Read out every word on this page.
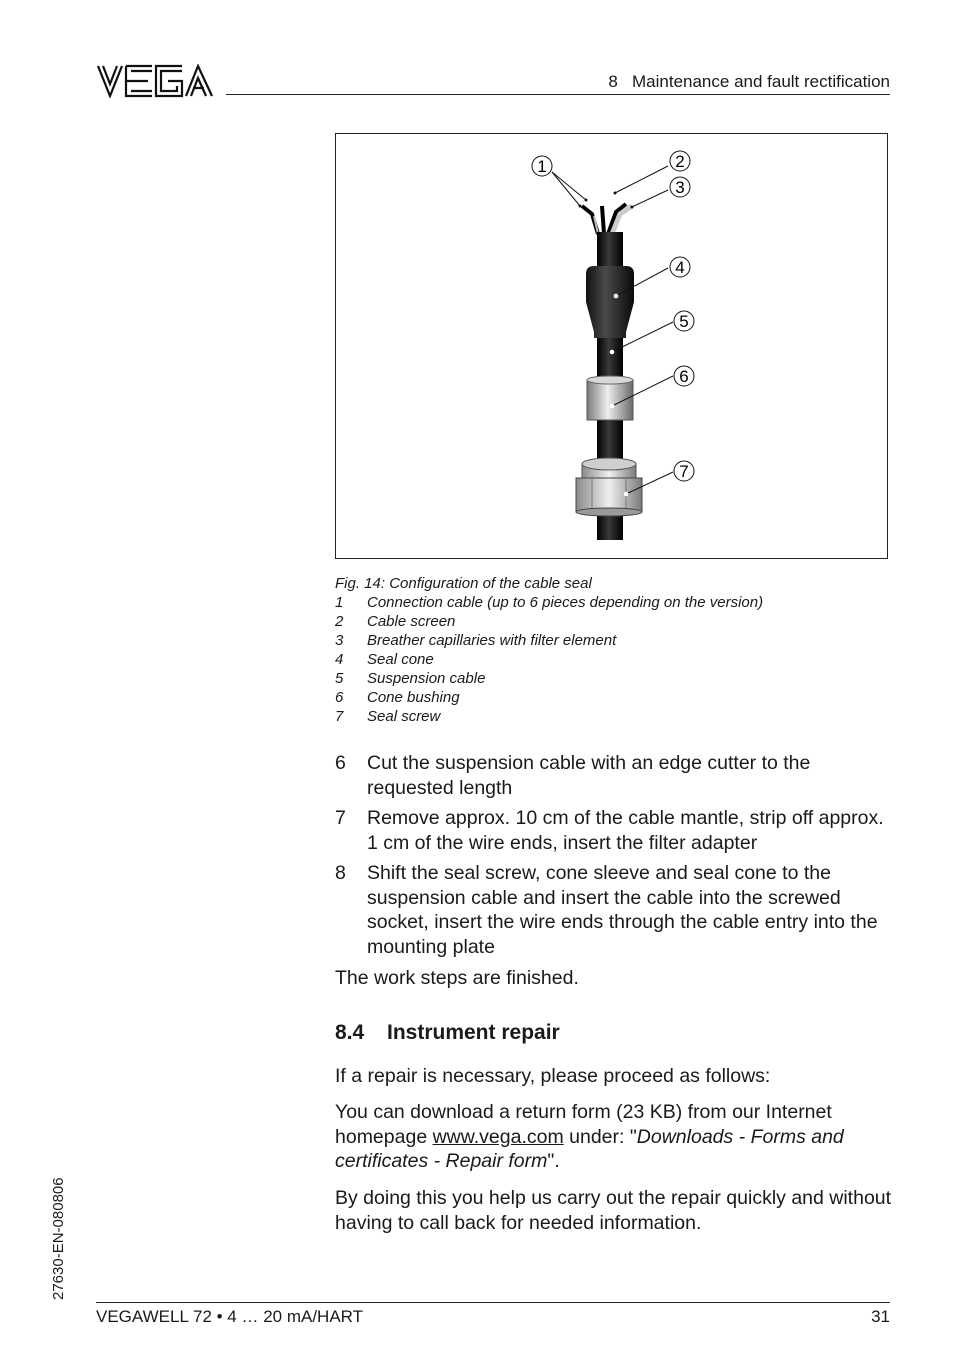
8   Maintenance and fault rectification
1	2
3
4
5
6
7
Fig. 14: Configuration of the cable seal
1	Connection cable (up to 6 pieces depending on the version)
2	Cable screen
3	Breather capillaries with filter element
4	Seal cone
5	Suspension cable
6	Cone bushing
7	Seal screw
6	Cut the suspension cable with an edge cutter to the requested length
7	Remove approx. 10 cm of the cable mantle, strip off approx. 1 cm of the wire ends, insert the filter adapter
8	Shift the seal screw, cone sleeve and seal cone to the suspension cable and insert the cable into the screwed socket, insert the wire ends through the cable entry into the mounting plate
The work steps are finished.
8.4 Instrument repair
If a repair is necessary, please proceed as follows:
You can download a return form (23 KB) from our Internet homepage www.vega.com under: "Downloads - Forms and certificates - Repair form".
By doing this you help us carry out the repair quickly and without having to call back for needed information.
27630-EN-080806
VEGAWELL 72 • 4 … 20 mA/HART	31
